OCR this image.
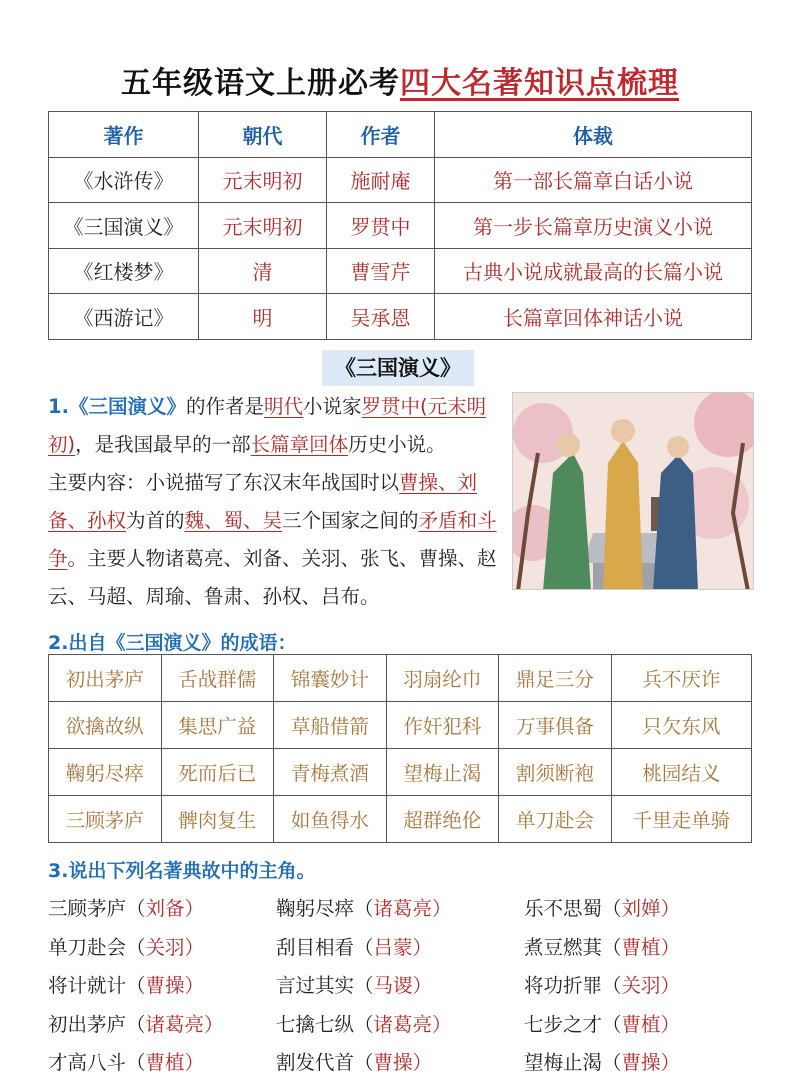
五年级语文上册必考四大名著知识点梳理
著作	朝代	作者	体裁
《水浒传》	元末明初	施耐庵	第一部长篇章白话小说
《三国演义》	元末明初	罗贯中	第一步长篇章历史演义小说
《红楼梦》	清	曹雪芹	古典小说成就最高的长篇小说
《西游记》	明	吴承恩	长篇章回体神话小说
《三国演义》
1.《三国演义》的作者是明代小说家罗贯中(元末明初)，是我国最早的一部长篇章回体历史小说。
主要内容：小说描写了东汉末年战国时以曹操、刘备、孙权为首的魏、蜀、吴三个国家之间的矛盾和斗争。主要人物诸葛亮、刘备、关羽、张飞、曹操、赵云、马超、周瑜、鲁肃、孙权、吕布。
2.出自《三国演义》的成语：
初出茅庐	舌战群儒	锦囊妙计	羽扇纶巾	鼎足三分	兵不厌诈
欲擒故纵	集思广益	草船借箭	作奸犯科	万事俱备	只欠东风
鞠躬尽瘁	死而后已	青梅煮酒	望梅止渴	割须断袍	桃园结义
三顾茅庐	髀肉复生	如鱼得水	超群绝伦	单刀赴会	千里走单骑
3.说出下列名著典故中的主角。
三顾茅庐（刘备）	鞠躬尽瘁（诸葛亮）	乐不思蜀（刘婵）
单刀赴会（关羽）	刮目相看（吕蒙）	煮豆燃萁（曹植）
将计就计（曹操）	言过其实（马谡）	将功折罪（关羽）
初出茅庐（诸葛亮）	七擒七纵（诸葛亮）	七步之才（曹植）
才高八斗（曹植）	割发代首（曹操）	望梅止渴（曹操）
